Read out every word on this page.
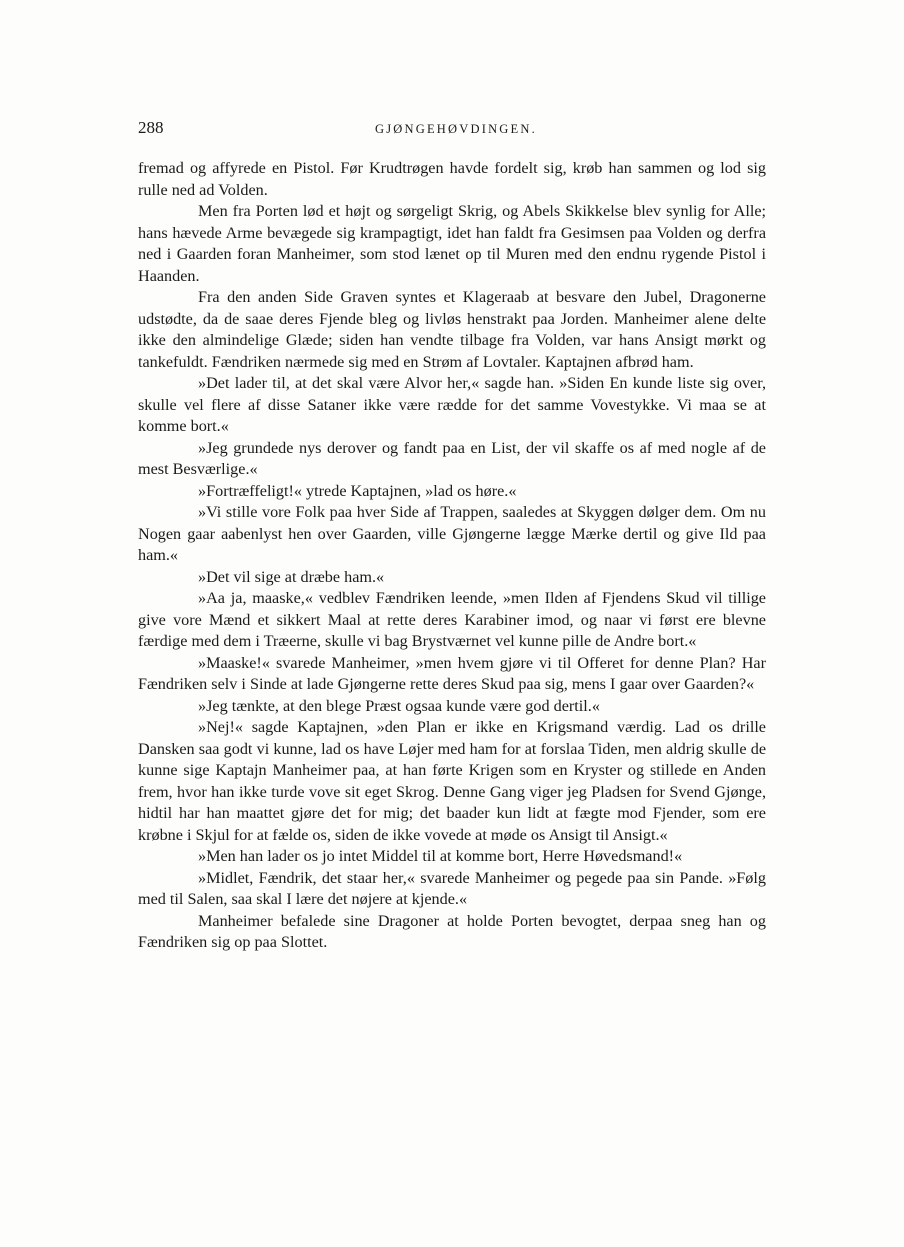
288	GJØNGEHØVDINGEN.

fremad og affyrede en Pistol. Før Krudtrøgen havde fordelt sig, krøb han sammen og lod sig rulle ned ad Volden.

Men fra Porten lød et højt og sørgeligt Skrig, og Abels Skikkelse blev synlig for Alle; hans hævede Arme bevægede sig krampagtigt, idet han faldt fra Gesimsen paa Volden og derfra ned i Gaarden foran Manheimer, som stod lænet op til Muren med den endnu rygende Pistol i Haanden.

Fra den anden Side Graven syntes et Klageraab at besvare den Jubel, Dragonerne udstødte, da de saae deres Fjende bleg og livløs henstrakt paa Jorden. Manheimer alene delte ikke den almindelige Glæde; siden han vendte tilbage fra Volden, var hans Ansigt mørkt og tankefuldt. Fændriken nærmede sig med en Strøm af Lovtaler. Kaptajnen afbrød ham.

»Det lader til, at det skal være Alvor her,« sagde han. »Siden En kunde liste sig over, skulle vel flere af disse Sataner ikke være rædde for det samme Vovestykke. Vi maa se at komme bort.«

»Jeg grundede nys derover og fandt paa en List, der vil skaffe os af med nogle af de mest Besværlige.«

»Fortræffeligt!« ytrede Kaptajnen, »lad os høre.«

»Vi stille vore Folk paa hver Side af Trappen, saaledes at Skyggen dølger dem. Om nu Nogen gaar aabenlyst hen over Gaarden, ville Gjøngerne lægge Mærke dertil og give Ild paa ham.«

»Det vil sige at dræbe ham.«

»Aa ja, maaske,« vedblev Fændriken leende, »men Ilden af Fjendens Skud vil tillige give vore Mænd et sikkert Maal at rette deres Karabiner imod, og naar vi først ere blevne færdige med dem i Træerne, skulle vi bag Brystværnet vel kunne pille de Andre bort.«

»Maaske!« svarede Manheimer, »men hvem gjøre vi til Offeret for denne Plan? Har Fændriken selv i Sinde at lade Gjøngerne rette deres Skud paa sig, mens I gaar over Gaarden?«

»Jeg tænkte, at den blege Præst ogsaa kunde være god dertil.«

»Nej!« sagde Kaptajnen, »den Plan er ikke en Krigsmand værdig. Lad os drille Dansken saa godt vi kunne, lad os have Løjer med ham for at forslaa Tiden, men aldrig skulle de kunne sige Kaptajn Manheimer paa, at han førte Krigen som en Kryster og stillede en Anden frem, hvor han ikke turde vove sit eget Skrog. Denne Gang viger jeg Pladsen for Svend Gjønge, hidtil har han maattet gjøre det for mig; det baader kun lidt at fægte mod Fjender, som ere krøbne i Skjul for at fælde os, siden de ikke vovede at møde os Ansigt til Ansigt.«

»Men han lader os jo intet Middel til at komme bort, Herre Høvedsmand!«

»Midlet, Fændrik, det staar her,« svarede Manheimer og pegede paa sin Pande. »Følg med til Salen, saa skal I lære det nøjere at kjende.«

Manheimer befalede sine Dragoner at holde Porten bevogtet, derpaa sneg han og Fændriken sig op paa Slottet.
